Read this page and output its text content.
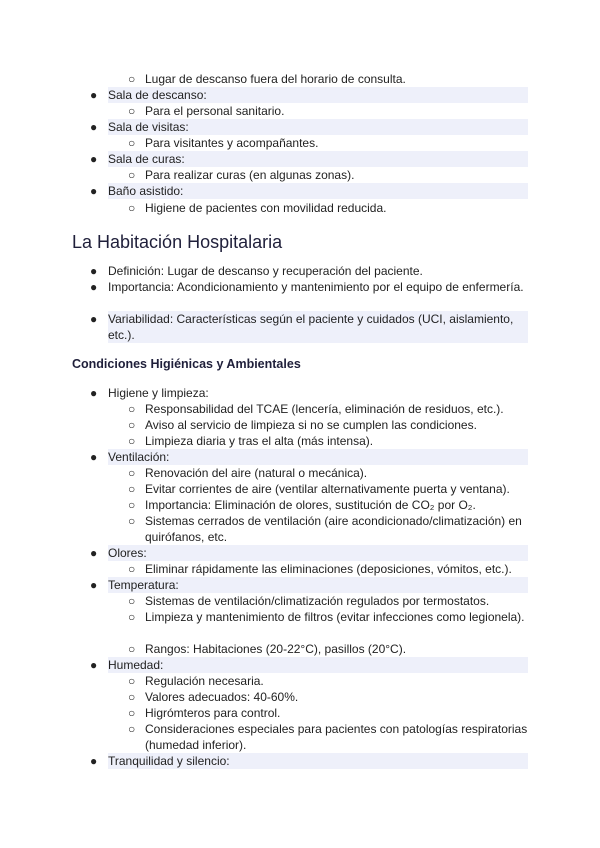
○ Lugar de descanso fuera del horario de consulta.
● Sala de descanso:
○ Para el personal sanitario.
● Sala de visitas:
○ Para visitantes y acompañantes.
● Sala de curas:
○ Para realizar curas (en algunas zonas).
● Baño asistido:
○ Higiene de pacientes con movilidad reducida.
La Habitación Hospitalaria
● Definición: Lugar de descanso y recuperación del paciente.
● Importancia: Acondicionamiento y mantenimiento por el equipo de enfermería.
● Variabilidad: Características según el paciente y cuidados (UCI, aislamiento, etc.).
Condiciones Higiénicas y Ambientales
● Higiene y limpieza:
○ Responsabilidad del TCAE (lencería, eliminación de residuos, etc.).
○ Aviso al servicio de limpieza si no se cumplen las condiciones.
○ Limpieza diaria y tras el alta (más intensa).
● Ventilación:
○ Renovación del aire (natural o mecánica).
○ Evitar corrientes de aire (ventilar alternativamente puerta y ventana).
○ Importancia: Eliminación de olores, sustitución de CO₂ por O₂.
○ Sistemas cerrados de ventilación (aire acondicionado/climatización) en quirófanos, etc.
● Olores:
○ Eliminar rápidamente las eliminaciones (deposiciones, vómitos, etc.).
● Temperatura:
○ Sistemas de ventilación/climatización regulados por termostatos.
○ Limpieza y mantenimiento de filtros (evitar infecciones como legionela).
○ Rangos: Habitaciones (20-22°C), pasillos (20°C).
● Humedad:
○ Regulación necesaria.
○ Valores adecuados: 40-60%.
○ Higrómteros para control.
○ Consideraciones especiales para pacientes con patologías respiratorias (humedad inferior).
● Tranquilidad y silencio:
